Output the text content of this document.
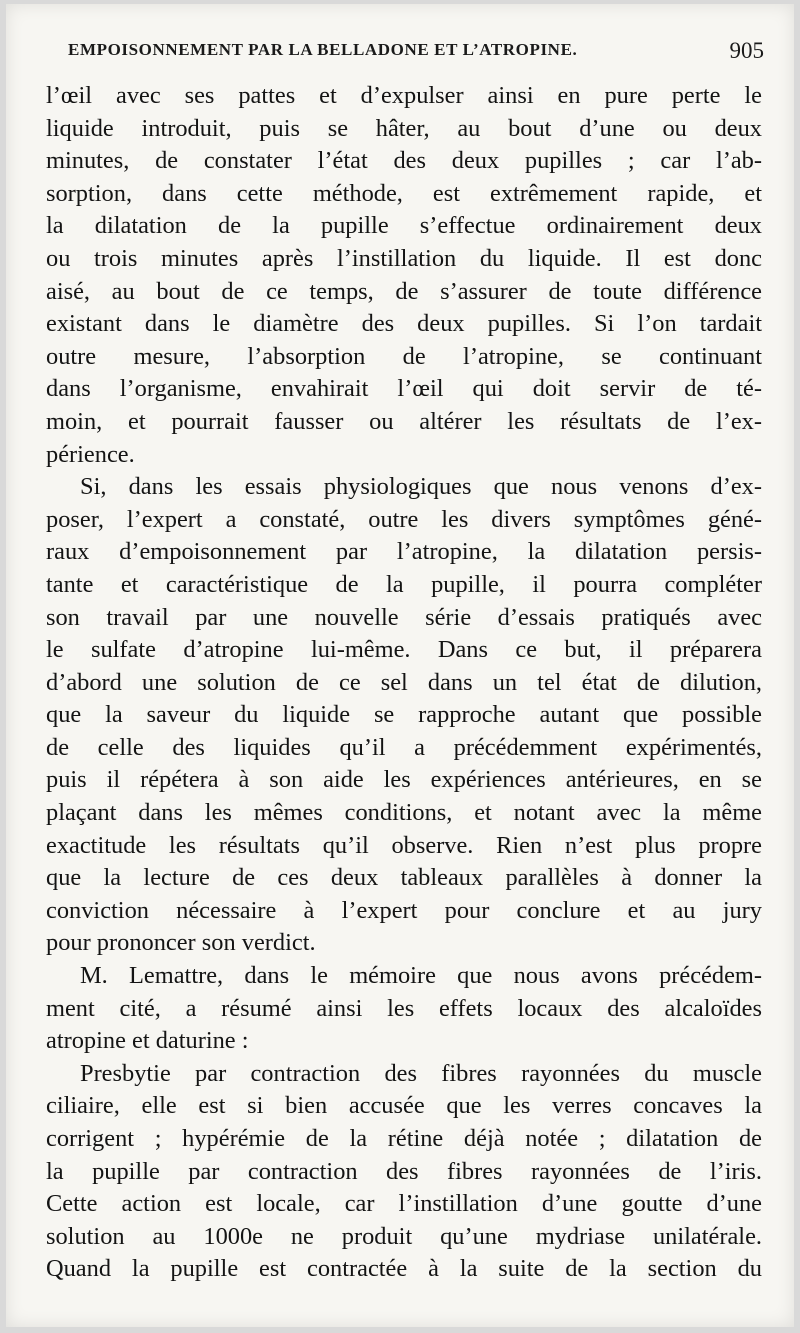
EMPOISONNEMENT PAR LA BELLADONE ET L’ATROPINE.	905
l’œil avec ses pattes et d’expulser ainsi en pure perte le
liquide introduit, puis se hâter, au bout d’une ou deux
minutes, de constater l’état des deux pupilles ; car l’ab-
sorption, dans cette méthode, est extrêmement rapide, et
la dilatation de la pupille s’effectue ordinairement deux
ou trois minutes après l’instillation du liquide. Il est donc
aisé, au bout de ce temps, de s’assurer de toute différence
existant dans le diamètre des deux pupilles. Si l’on tardait
outre mesure, l’absorption de l’atropine, se continuant
dans l’organisme, envahirait l’œil qui doit servir de té-
moin, et pourrait fausser ou altérer les résultats de l’ex-
périence.
Si, dans les essais physiologiques que nous venons d’ex-
poser, l’expert a constaté, outre les divers symptômes géné-
raux d’empoisonnement par l’atropine, la dilatation persis-
tante et caractéristique de la pupille, il pourra compléter
son travail par une nouvelle série d’essais pratiqués avec
le sulfate d’atropine lui-même. Dans ce but, il préparera
d’abord une solution de ce sel dans un tel état de dilution,
que la saveur du liquide se rapproche autant que possible
de celle des liquides qu’il a précédemment expérimentés,
puis il répétera à son aide les expériences antérieures, en se
plaçant dans les mêmes conditions, et notant avec la même
exactitude les résultats qu’il observe. Rien n’est plus propre
que la lecture de ces deux tableaux parallèles à donner la
conviction nécessaire à l’expert pour conclure et au jury
pour prononcer son verdict.
M. Lemattre, dans le mémoire que nous avons précédem-
ment cité, a résumé ainsi les effets locaux des alcaloïdes
atropine et daturine :
Presbytie par contraction des fibres rayonnées du muscle
ciliaire, elle est si bien accusée que les verres concaves la
corrigent ; hypérémie de la rétine déjà notée ; dilatation de
la pupille par contraction des fibres rayonnées de l’iris.
Cette action est locale, car l’instillation d’une goutte d’une
solution au 1000e ne produit qu’une mydriase unilatérale.
Quand la pupille est contractée à la suite de la section du
